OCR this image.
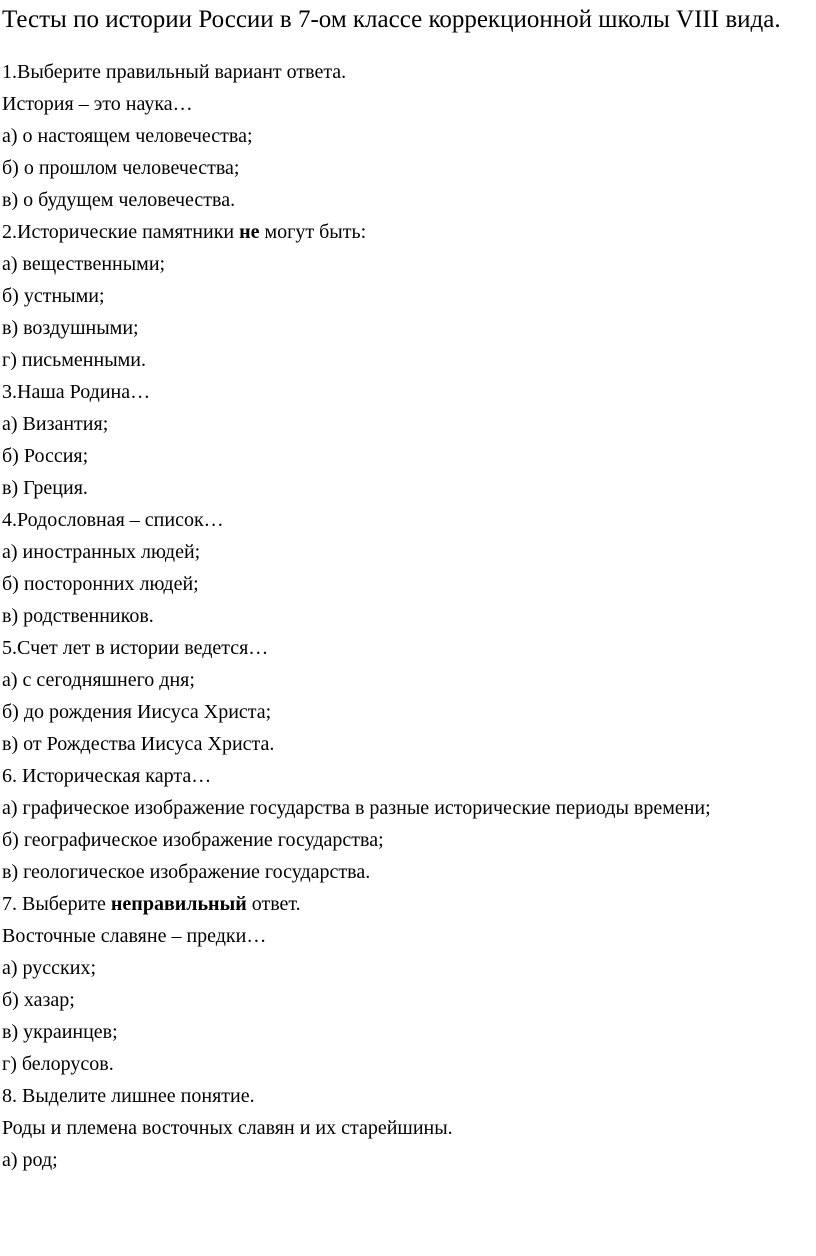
Тесты по истории России в 7-ом классе коррекционной школы VIII вида.

1.Выберите правильный вариант ответа.

История – это наука…

а) о настоящем человечества;

б) о прошлом человечества;

в) о будущем человечества.

2.Исторические памятники не могут быть:

а) вещественными;

б) устными;

в) воздушными;

г) письменными.

3.Наша Родина…

а) Византия;

б) Россия;

в) Греция.

4.Родословная – список…

а) иностранных людей;

б) посторонних людей;

в) родственников.

5.Счет лет в истории ведется…

а) с сегодняшнего дня;

б) до рождения Иисуса Христа;

в) от Рождества Иисуса Христа.

6. Историческая карта…

а) графическое изображение государства в разные исторические периоды времени;

б) географическое изображение государства;

в) геологическое изображение государства.

7. Выберите неправильный ответ.

Восточные славяне – предки…

а) русских;

б) хазар;

в) украинцев;

г) белорусов.

8. Выделите лишнее понятие.

Роды и племена восточных славян и их старейшины.

а) род;
